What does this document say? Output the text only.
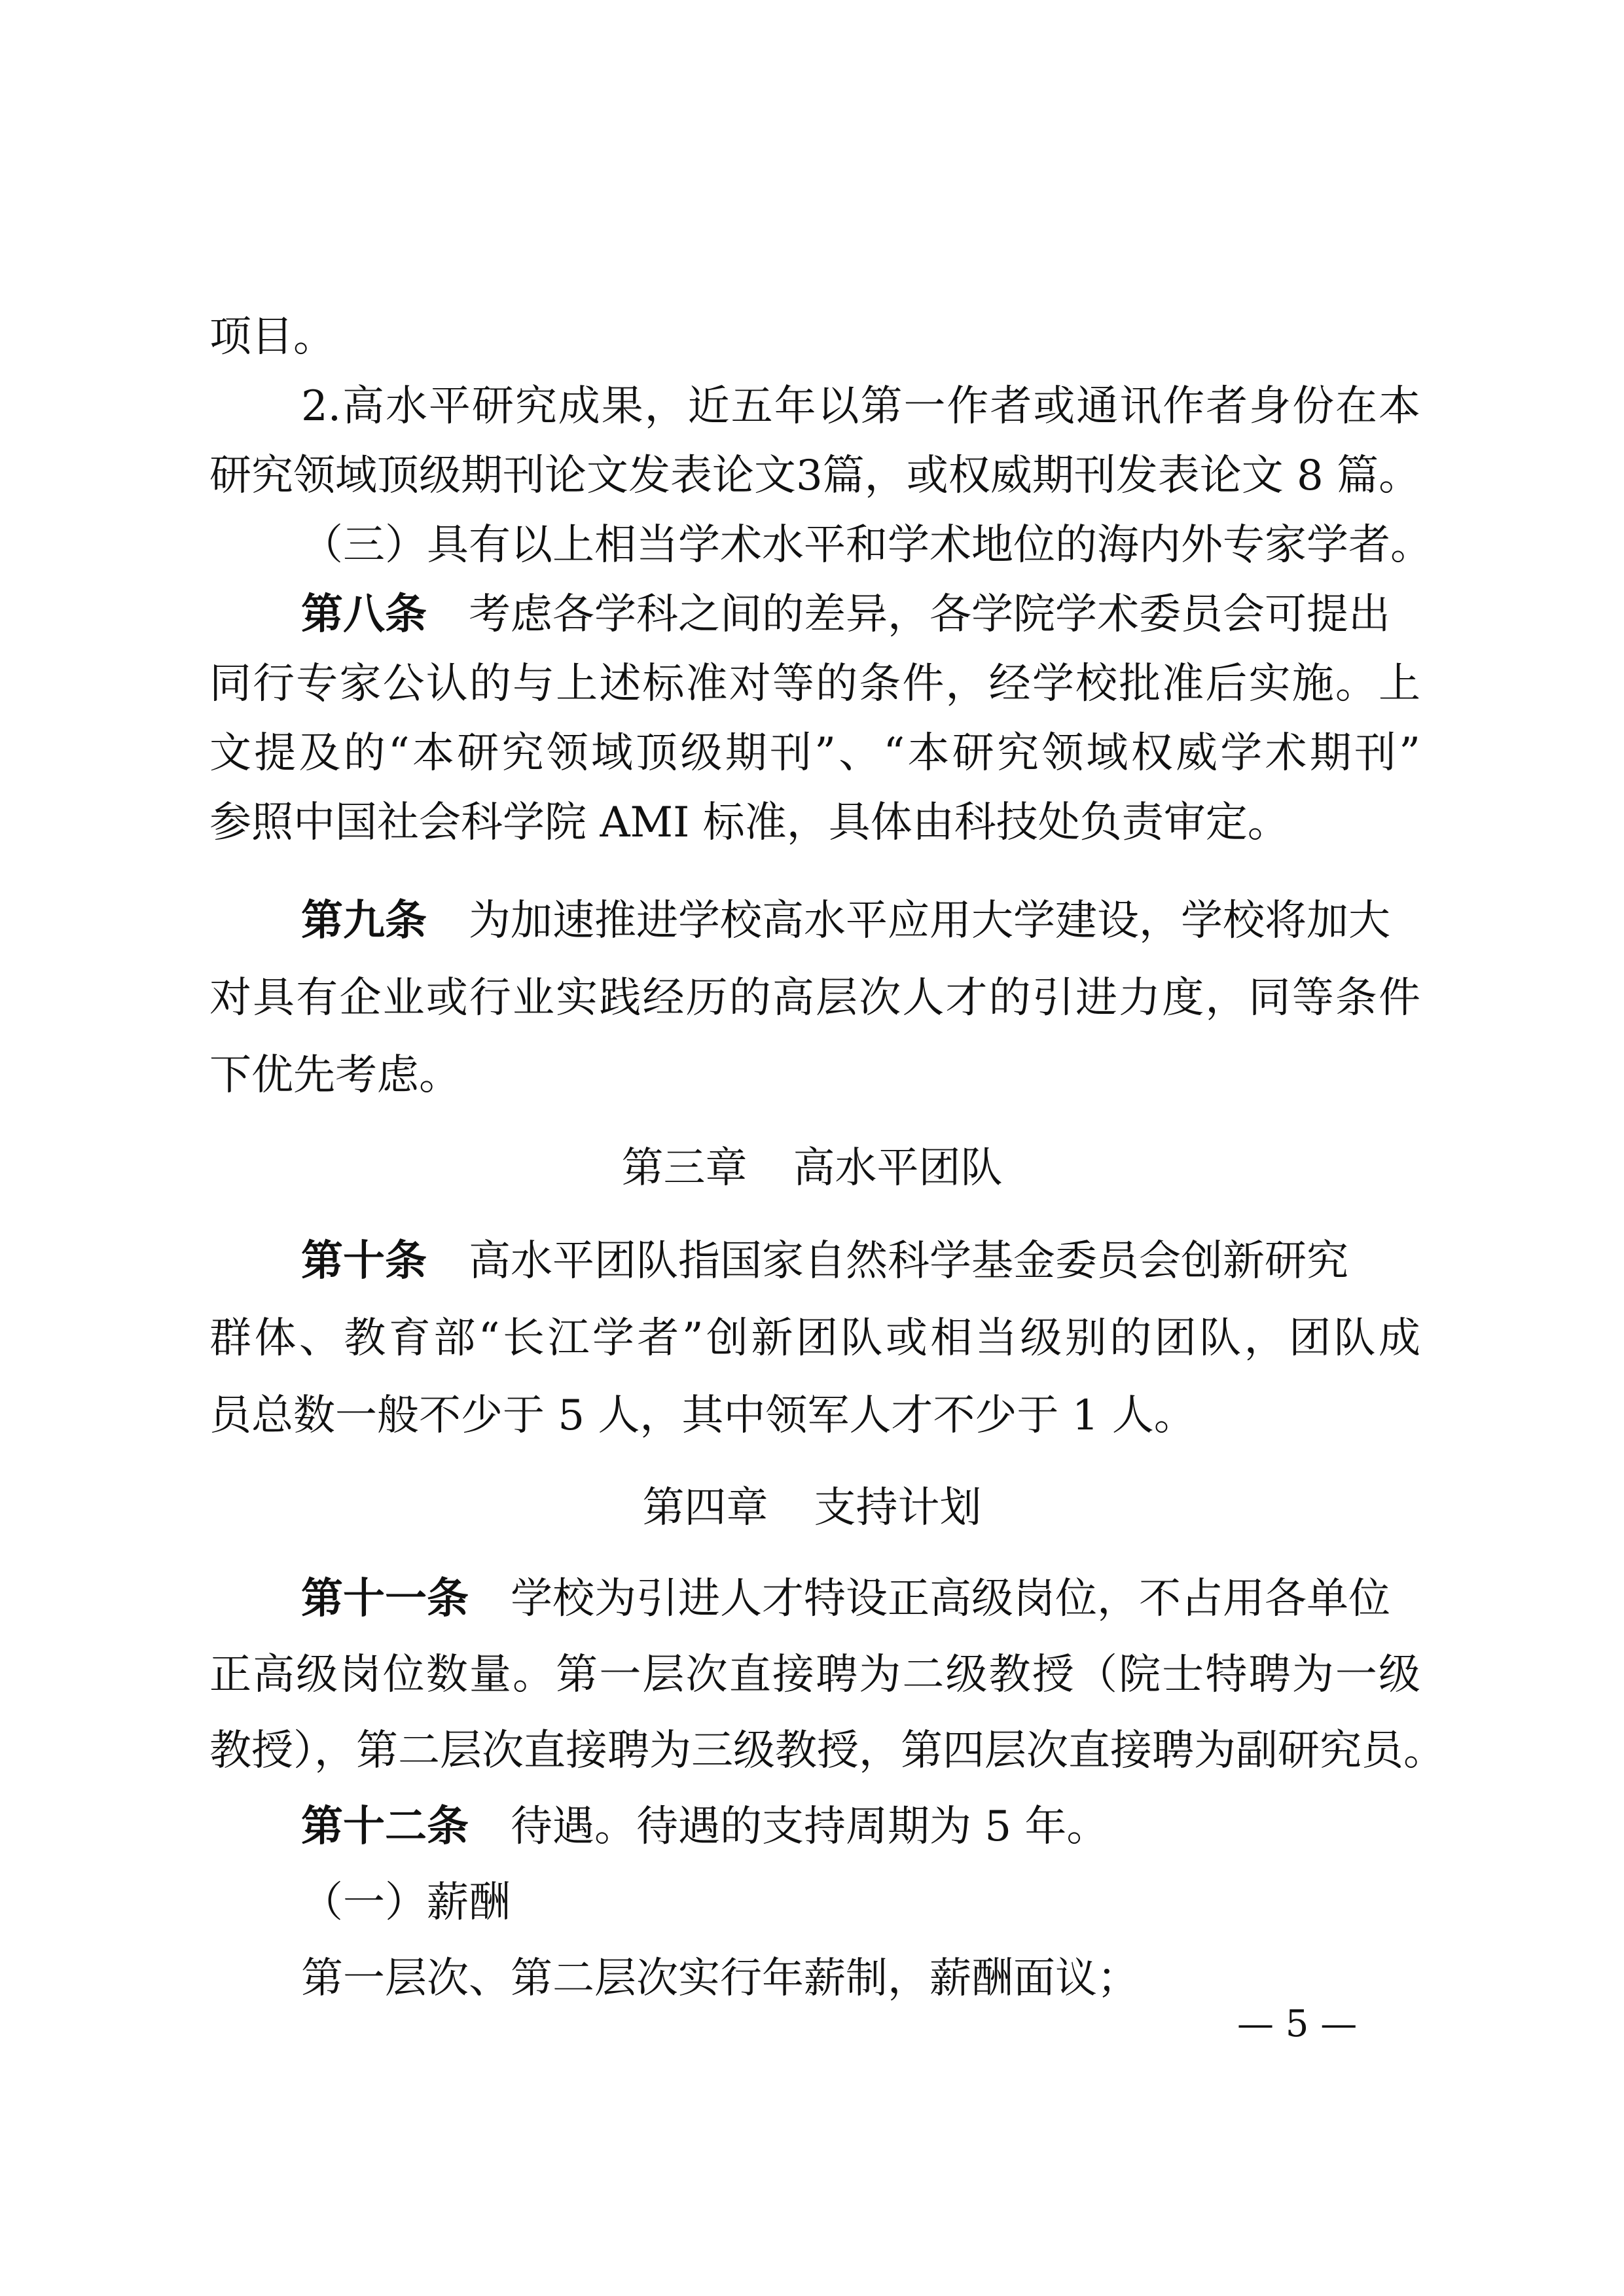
项目。
2.高水平研究成果，近五年以第一作者或通讯作者身份在本
研究领域顶级期刊论文发表论文3篇，或权威期刊发表论文 8 篇。
（三）具有以上相当学术水平和学术地位的海内外专家学者。
第八条 考虑各学科之间的差异，各学院学术委员会可提出
同行专家公认的与上述标准对等的条件，经学校批准后实施。上
文提及的“本研究领域顶级期刊”、“本研究领域权威学术期刊”
参照中国社会科学院 AMI 标准，具体由科技处负责审定。
第九条 为加速推进学校高水平应用大学建设，学校将加大
对具有企业或行业实践经历的高层次人才的引进力度，同等条件
下优先考虑。
第三章 高水平团队
第十条 高水平团队指国家自然科学基金委员会创新研究
群体、教育部“长江学者”创新团队或相当级别的团队，团队成
员总数一般不少于 5 人，其中领军人才不少于 1 人。
第四章 支持计划
第十一条 学校为引进人才特设正高级岗位，不占用各单位
正高级岗位数量。第一层次直接聘为二级教授（院士特聘为一级
教授），第二层次直接聘为三级教授，第四层次直接聘为副研究员。
第十二条 待遇。待遇的支持周期为 5 年。
（一）薪酬
第一层次、第二层次实行年薪制，薪酬面议；
— 5 —
